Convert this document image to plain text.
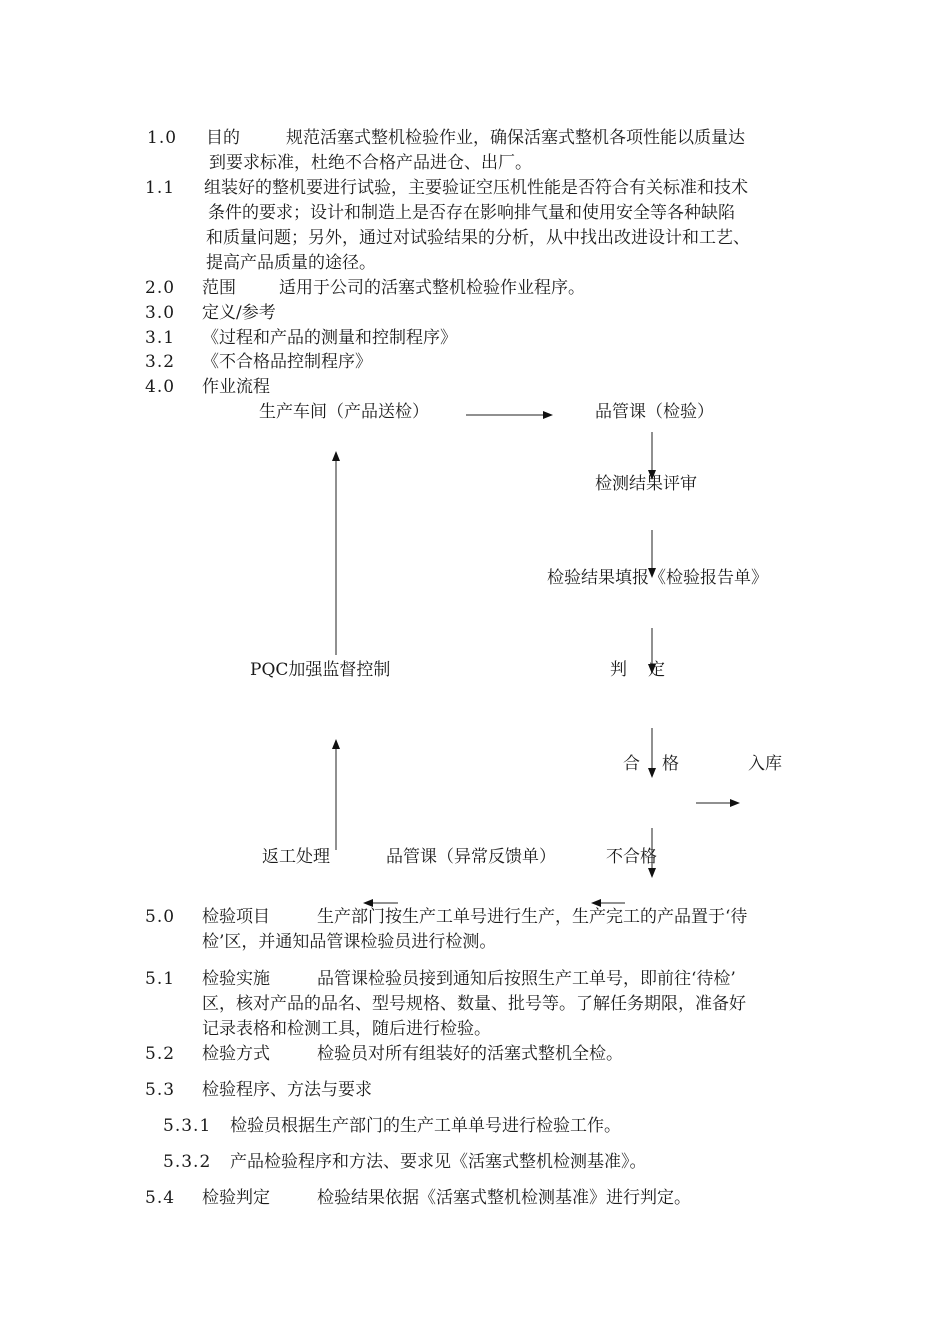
1.0 目的	规范活塞式整机检验作业，确保活塞式整机各项性能以质量达
到要求标准，杜绝不合格产品进仓、出厂。
1.1 组装好的整机要进行试验，主要验证空压机性能是否符合有关标准和技术
条件的要求；设计和制造上是否存在影响排气量和使用安全等各种缺陷
和质量问题；另外，通过对试验结果的分析，从中找出改进设计和工艺、
提高产品质量的途径。
2.0 范围	适用于公司的活塞式整机检验作业程序。
3.0 定义/参考
3.1 《过程和产品的测量和控制程序》
3.2 《不合格品控制程序》
4.0 作业流程
生产车间（产品送检）	品管课（检验）
检测结果评审
检验结果填报《检验报告单》
PQC加强监督控制	判 定
合 格	入库
返工处理	品管课（异常反馈单）	不合格
5.0 检验项目	生产部门按生产工单号进行生产，生产完工的产品置于‘待
检’区，并通知品管课检验员进行检测。
5.1 检验实施	品管课检验员接到通知后按照生产工单号，即前往‘待检’
区，核对产品的品名、型号规格、数量、批号等。了解任务期限，准备好
记录表格和检测工具，随后进行检验。
5.2 检验方式	检验员对所有组装好的活塞式整机全检。
5.3 检验程序、方法与要求
5.3.1 检验员根据生产部门的生产工单单号进行检验工作。
5.3.2 产品检验程序和方法、要求见《活塞式整机检测基准》。
5.4 检验判定	检验结果依据《活塞式整机检测基准》进行判定。
